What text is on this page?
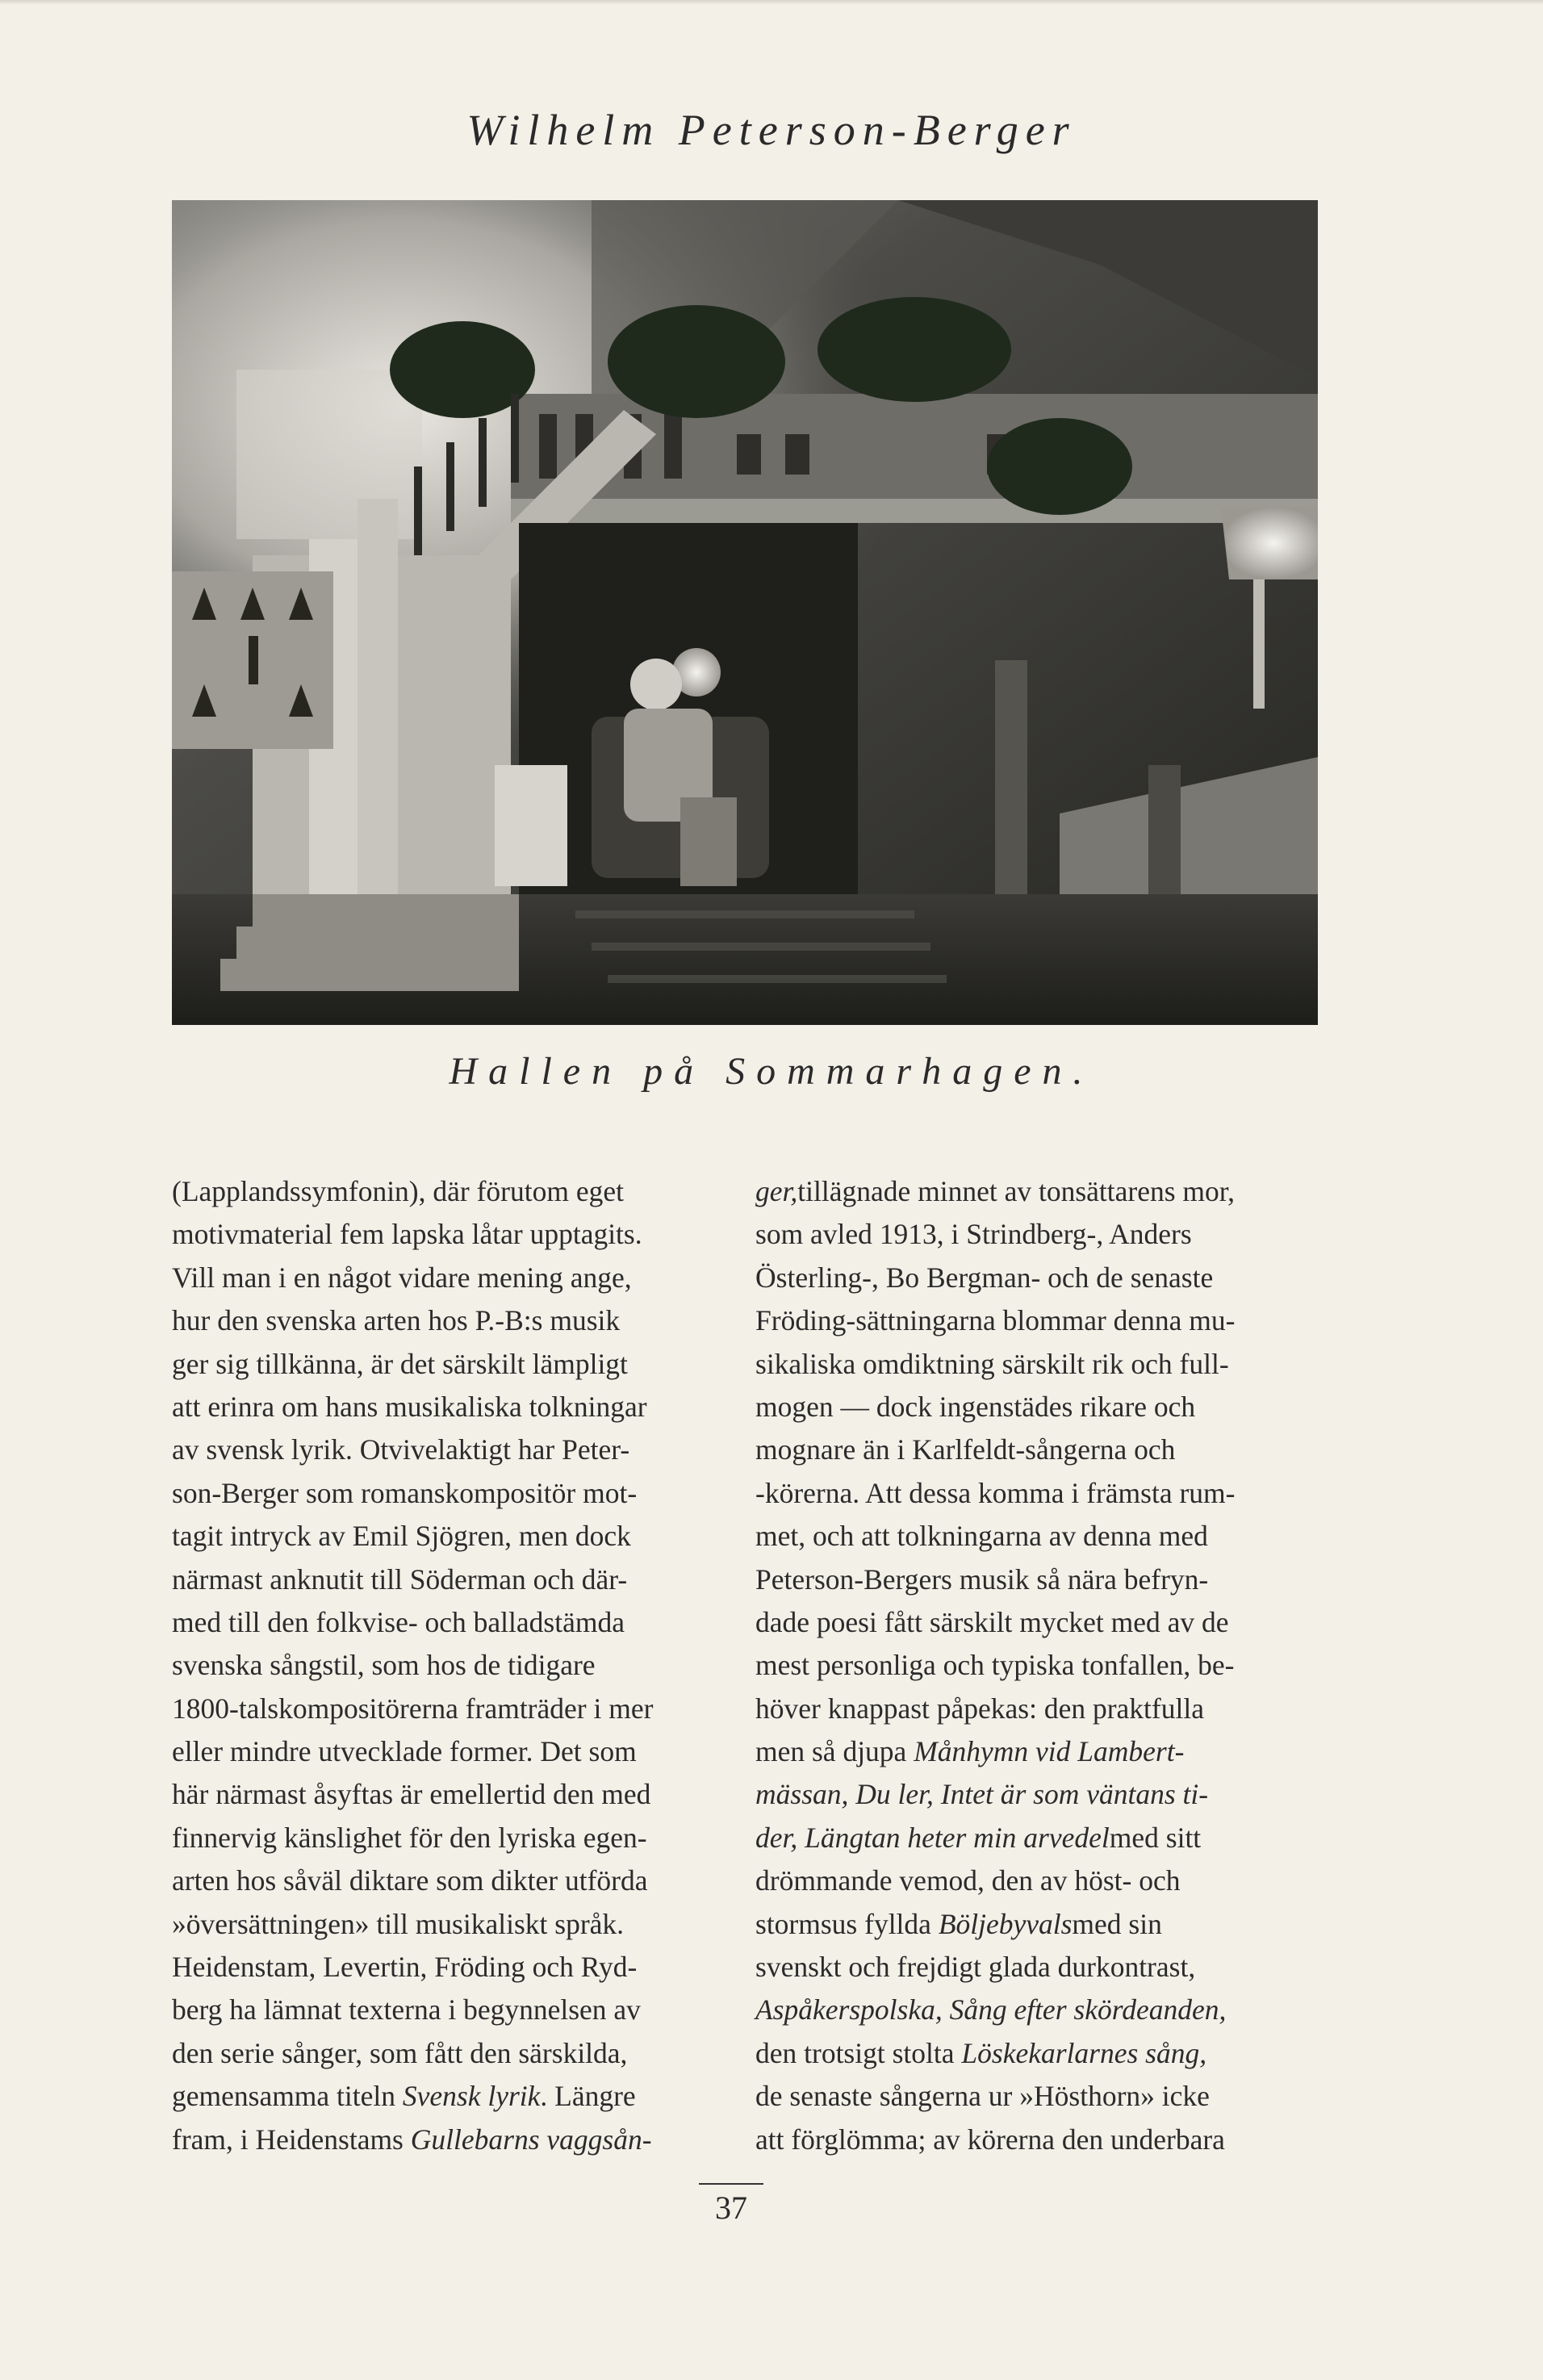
Wilhelm Peterson-Berger
Hallen på Sommarhagen.
(Lapplandssymfonin), där förutom eget
motivmaterial fem lapska låtar upptagits.
Vill man i en något vidare mening ange,
hur den svenska arten hos P.-B:s musik
ger sig tillkänna, är det särskilt lämpligt
att erinra om hans musikaliska tolkningar
av svensk lyrik. Otvivelaktigt har Peter-
son-Berger som romanskompositör mot-
tagit intryck av Emil Sjögren, men dock
närmast anknutit till Söderman och där-
med till den folkvise- och balladstämda
svenska sångstil, som hos de tidigare
1800-talskompositörerna framträder i mer
eller mindre utvecklade former. Det som
här närmast åsyftas är emellertid den med
finnervig känslighet för den lyriska egen-
arten hos såväl diktare som dikter utförda
»översättningen» till musikaliskt språk.
Heidenstam, Levertin, Fröding och Ryd-
berg ha lämnat texterna i begynnelsen av
den serie sånger, som fått den särskilda,
gemensamma titeln
Svensk lyrik . Längre
fram, i Heidenstams
Gullebarns vaggsån-
ger, tillägnade minnet av tonsättarens mor,
som avled 1913, i Strindberg-, Anders
Österling-, Bo Bergman- och de senaste
Fröding-sättningarna blommar denna mu-
sikaliska omdiktning särskilt rik och full-
mogen — dock ingenstädes rikare och
mognare än i Karlfeldt-sångerna och
-körerna. Att dessa komma i främsta rum-
met, och att tolkningarna av denna med
Peterson-Bergers musik så nära befryn-
dade poesi fått särskilt mycket med av de
mest personliga och typiska tonfallen, be-
höver knappast påpekas: den praktfulla
men så djupa
Månhymn vid Lambert-
mässan, Du ler, Intet är som väntans ti-
der, Längtan heter min arvedel med sitt
drömmande vemod, den av höst- och
stormsus fyllda
Böljebyvals med sin
svenskt och frejdigt glada durkontrast,
Aspåkerspolska, Sång efter skördeanden,
den trotsigt stolta
Löskekarlarnes sång,
de senaste sångerna ur »Hösthorn» icke
att förglömma; av körerna den underbara
37
